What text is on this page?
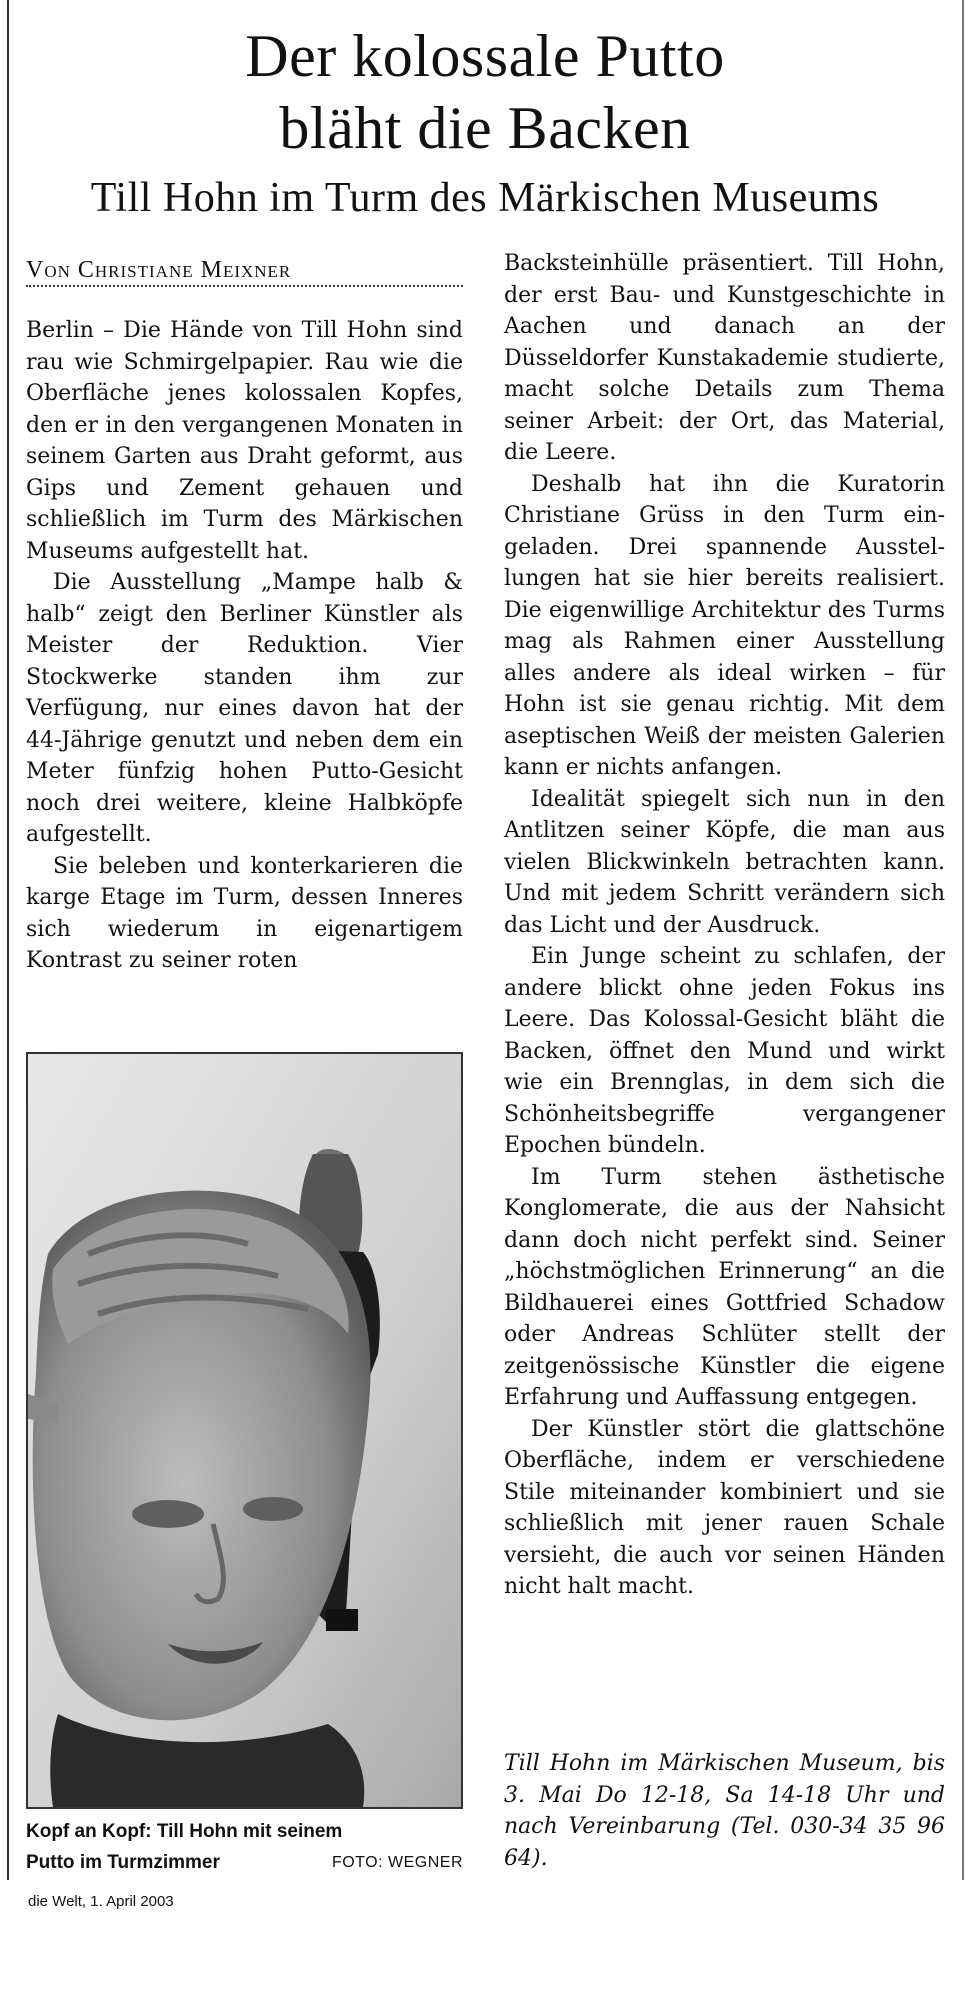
Der kolossale Putto
bläht die Backen
Till Hohn im Turm des Märkischen Museums
Von Christiane Meixner

Berlin – Die Hände von Till Hohn sind rau wie Schmirgelpapier. Rau wie die Oberfläche jenes kolossalen Kopfes, den er in den vergangenen Monaten in seinem Garten aus Draht geformt, aus Gips und Zement gehauen und schließlich im Turm des Märkischen Museums aufgestellt hat.

Die Ausstellung „Mampe halb & halb“ zeigt den Berliner Künstler als Meister der Reduktion. Vier Stockwerke standen ihm zur Verfügung, nur eines davon hat der 44-Jährige genutzt und neben dem ein Meter fünfzig hohen Putto-Gesicht noch drei weitere, kleine Halbköpfe aufgestellt.

Sie beleben und konterkarieren die karge Etage im Turm, dessen Inneres sich wiederum in eigenartigem Kontrast zu seiner roten

Kopf an Kopf: Till Hohn mit seinem
Putto im Turmzimmer	FOTO: WEGNER

Backsteinhülle präsentiert. Till Hohn, der erst Bau- und Kunstgeschichte in Aachen und danach an der Düsseldorfer Kunstakademie studierte, macht solche Details zum Thema seiner Arbeit: der Ort, das Material, die Leere.

Deshalb hat ihn die Kuratorin Christiane Grüss in den Turm eingeladen. Drei spannende Ausstellungen hat sie hier bereits realisiert. Die eigenwillige Architektur des Turms mag als Rahmen einer Ausstellung alles andere als ideal wirken – für Hohn ist sie genau richtig. Mit dem aseptischen Weiß der meisten Galerien kann er nichts anfangen.

Idealität spiegelt sich nun in den Antlitzen seiner Köpfe, die man aus vielen Blickwinkeln betrachten kann. Und mit jedem Schritt verändern sich das Licht und der Ausdruck.

Ein Junge scheint zu schlafen, der andere blickt ohne jeden Fokus ins Leere. Das Kolossal-Gesicht bläht die Backen, öffnet den Mund und wirkt wie ein Brennglas, in dem sich die Schönheitsbegriffe vergangener Epochen bündeln.

Im Turm stehen ästhetische Konglomerate, die aus der Nahsicht dann doch nicht perfekt sind. Seiner „höchstmöglichen Erinnerung“ an die Bildhauerei eines Gottfried Schadow oder Andreas Schlüter stellt der zeitgenössische Künstler die eigene Erfahrung und Auffassung entgegen.

Der Künstler stört die glattschöne Oberfläche, indem er verschiedene Stile miteinander kombiniert und sie schließlich mit jener rauen Schale versieht, die auch vor seinen Händen nicht halt macht.

Till Hohn im Märkischen Museum, bis 3. Mai Do 12-18, Sa 14-18 Uhr und nach Vereinbarung (Tel. 030-34 35 96 64).

die Welt, 1. April 2003
